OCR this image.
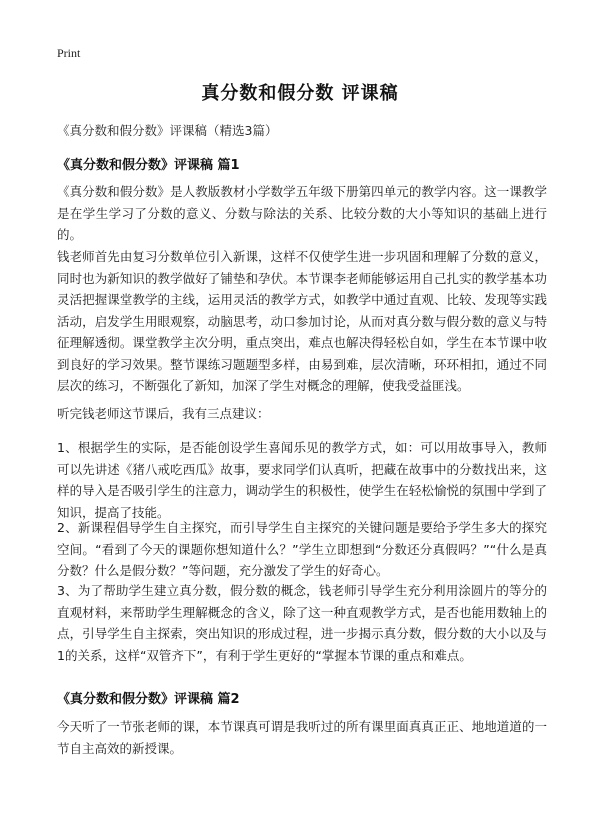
Print
真分数和假分数 评课稿
《真分数和假分数》评课稿（精选3篇）
《真分数和假分数》评课稿 篇1
《真分数和假分数》是人教版教材小学数学五年级下册第四单元的教学内容。这一课教学是在学生学习了分数的意义、分数与除法的关系、比较分数的大小等知识的基础上进行的。
钱老师首先由复习分数单位引入新课，这样不仅使学生进一步巩固和理解了分数的意义，同时也为新知识的教学做好了铺垫和孕伏。本节课李老师能够运用自己扎实的教学基本功灵活把握课堂教学的主线，运用灵活的教学方式，如教学中通过直观、比较、发现等实践活动，启发学生用眼观察，动脑思考，动口参加讨论，从而对真分数与假分数的意义与特征理解透彻。课堂教学主次分明，重点突出，难点也解决得轻松自如，学生在本节课中收到良好的学习效果。整节课练习题题型多样，由易到难，层次清晰，环环相扣，通过不同层次的练习，不断强化了新知，加深了学生对概念的理解，使我受益匪浅。
听完钱老师这节课后，我有三点建议：
1、根据学生的实际，是否能创设学生喜闻乐见的教学方式，如：可以用故事导入，教师可以先讲述《猪八戒吃西瓜》故事，要求同学们认真听，把藏在故事中的分数找出来，这样的导入是否吸引学生的注意力，调动学生的积极性，使学生在轻松愉悦的氛围中学到了知识，提高了技能。
2、新课程倡导学生自主探究，而引导学生自主探究的关键问题是要给予学生多大的探究空间。“看到了今天的课题你想知道什么？”学生立即想到“分数还分真假吗？”“什么是真分数？什么是假分数？”等问题，充分激发了学生的好奇心。
3、为了帮助学生建立真分数，假分数的概念，钱老师引导学生充分利用涂圆片的等分的直观材料，来帮助学生理解概念的含义，除了这一种直观教学方式，是否也能用数轴上的点，引导学生自主探索，突出知识的形成过程，进一步揭示真分数，假分数的大小以及与1的关系，这样“双管齐下”，有利于学生更好的“掌握本节课的重点和难点。
《真分数和假分数》评课稿 篇2
今天听了一节张老师的课，本节课真可谓是我听过的所有课里面真真正正、地地道道的一节自主高效的新授课。
